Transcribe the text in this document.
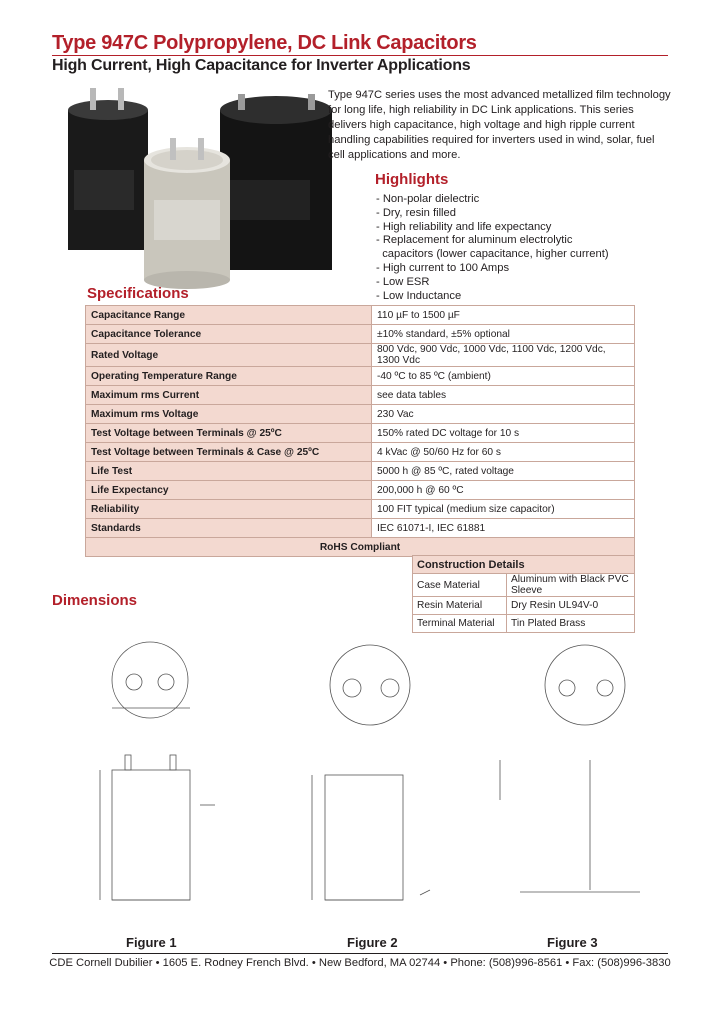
Type 947C Polypropylene, DC Link Capacitors
High Current, High Capacitance for Inverter Applications
Type 947C series uses the most advanced metallized film technology for long life, high reliability in DC Link applications. This series delivers high capacitance, high voltage and high ripple current handling capabilities required for inverters used in wind, solar, fuel cell applications and more.
Highlights
- Non-polar dielectric
- Dry, resin filled
- High reliability and life expectancy
- Replacement for aluminum electrolytic
capacitors (lower capacitance, higher current)
- High current to 100 Amps
- Low ESR
- Low Inductance
Specifications
Capacitance Range	110 µF to 1500 µF
Capacitance Tolerance	±10% standard, ±5% optional
Rated Voltage	800 Vdc, 900 Vdc, 1000 Vdc, 1100 Vdc, 1200 Vdc, 1300 Vdc
Operating Temperature Range	-40 ºC to 85 ºC (ambient)
Maximum rms Current	see data tables
Maximum rms Voltage	230 Vac
Test Voltage between Terminals @ 25ºC	150% rated DC voltage for 10 s
Test Voltage between Terminals & Case @ 25ºC	4 kVac @ 50/60 Hz for 60 s
Life Test	5000 h @ 85 ºC, rated voltage
Life Expectancy	200,000 h @ 60 ºC
Reliability	100 FIT typical (medium size capacitor)
Standards	IEC 61071-I, IEC 61881
RoHS Compliant	
Construction Details	
Case Material	Aluminum with Black PVC Sleeve
Resin Material	Dry Resin UL94V-0
Terminal Material	Tin Plated Brass
Dimensions
Figure 1	Figure 2	Figure 3
CDE Cornell Dubilier • 1605 E. Rodney French Blvd. • New Bedford, MA 02744 • Phone: (508)996-8561 • Fax: (508)996-3830
